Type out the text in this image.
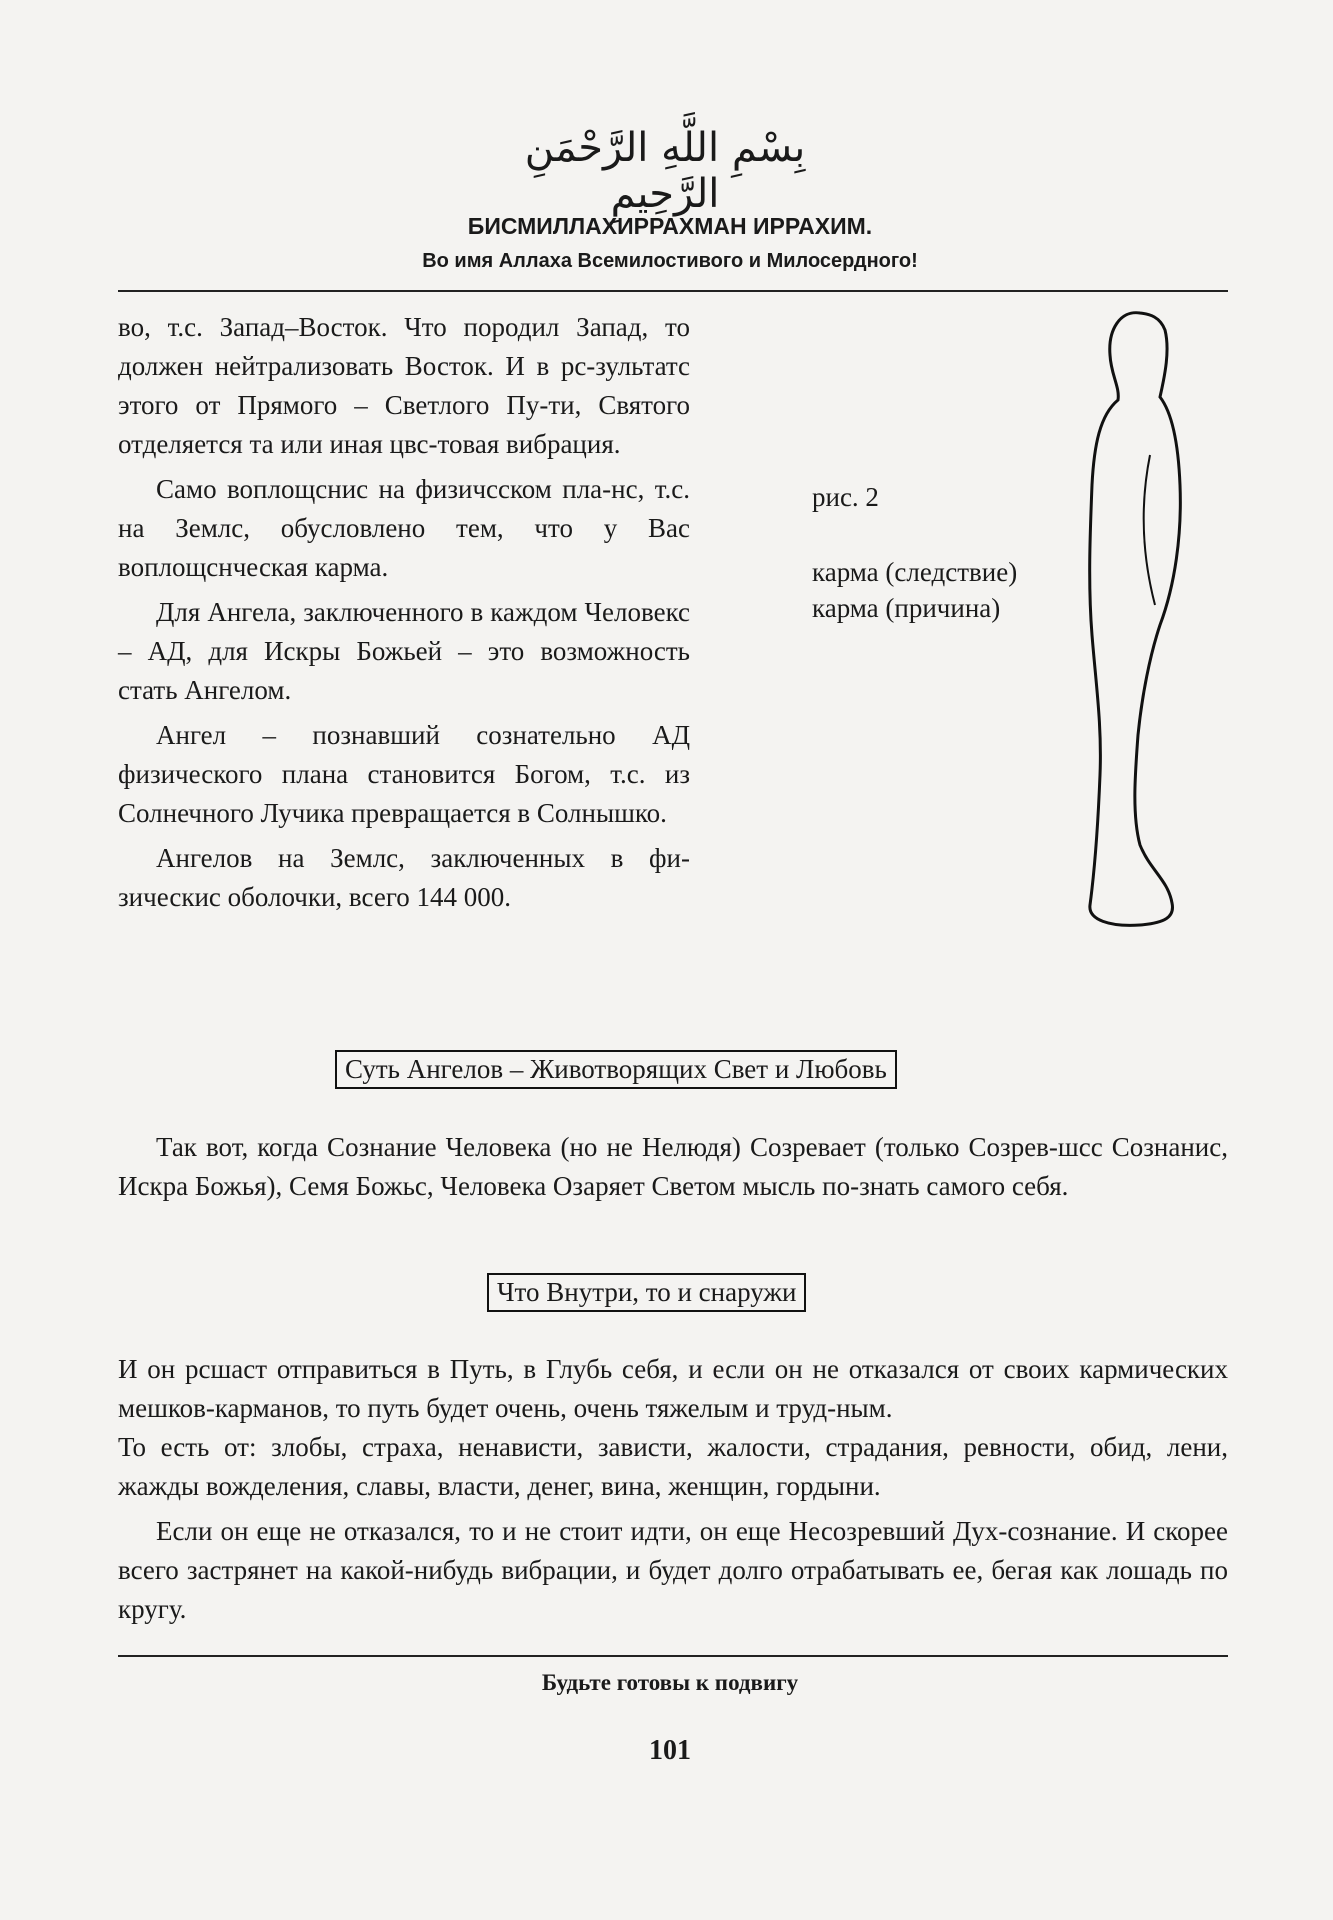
بِسْمِ اللَّهِ الرَّحْمَنِ الرَّحِيمِ
БИСМИЛЛАХИРРАХМАН ИРРАХИМ.
Во имя Аллаха Всемилостивого и Милосердного!

во, т.с. Запад–Восток. Что породил Запад, то должен нейтрализовать Восток. И в рс-зультатс этого от Прямого – Светлого Пу-ти, Святого отделяется та или иная цвс-товая вибрация.

Само воплощснис на физичсском пла-нс, т.с. на Землс, обусловлено тем, что у Вас воплощснческая карма.

Для Ангела, заключенного в каждом Человекс – АД, для Искры Божьей – это возможность стать Ангелом.

Ангел – познавший сознательно АД физического плана становится Богом, т.с. из Солнечного Лучика превращается в Солнышко.

Ангелов на Землс, заключенных в фи-зическис оболочки, всего 144 000.

рис. 2
карма (следствие)
карма (причина)
Суть Ангелов – Животворящих Свет и Любовь

Так вот, когда Сознание Человека (но не Нелюдя) Созревает (только Созрев-шсс Сознанис, Искра Божья), Семя Божьс, Человека Озаряет Светом мысль по-знать самого себя.

Что Внутри, то и снаружи

И он рсшаст отправиться в Путь, в Глубь себя, и если он не отказался от своих кармических мешков-карманов, то путь будет очень, очень тяжелым и труд-ным.

То есть от: злобы, страха, ненависти, зависти, жалости, страдания, ревности, обид, лени, жажды вожделения, славы, власти, денег, вина, женщин, гордыни.

Если он еще не отказался, то и не стоит идти, он еще Несозревший Дух-сознание. И скорее всего застрянет на какой-нибудь вибрации, и будет долго отрабатывать ее, бегая как лошадь по кругу.

Будьте готовы к подвигу
101
